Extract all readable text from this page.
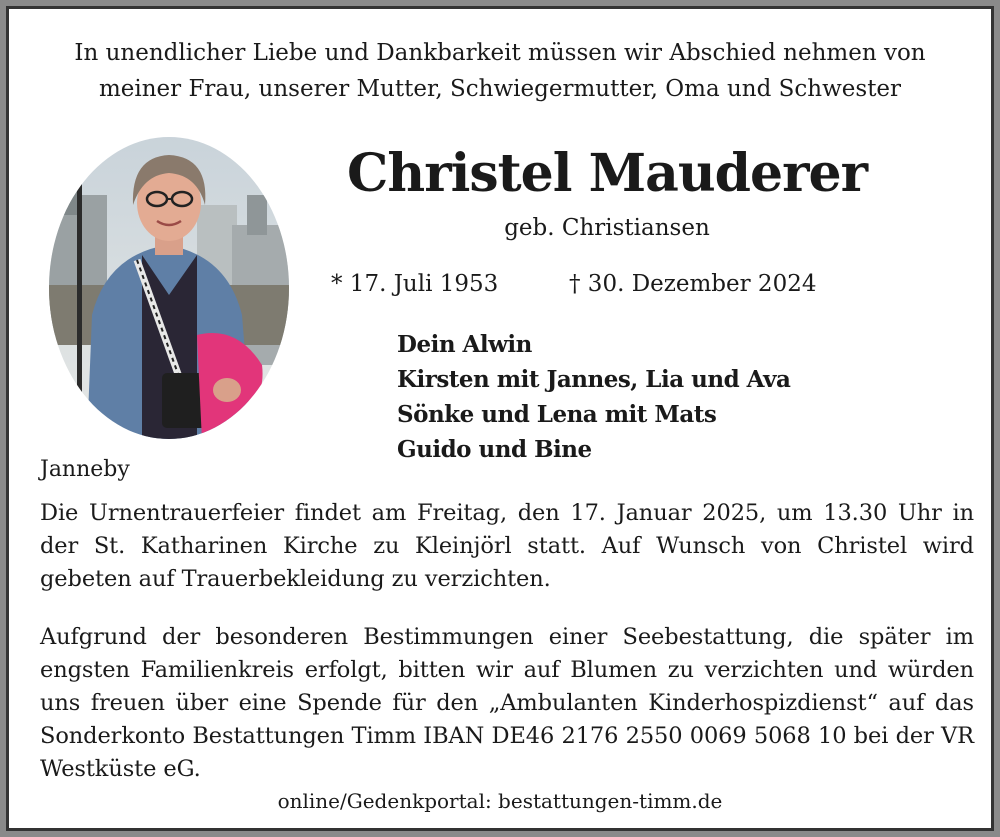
In unendlicher Liebe und Dankbarkeit müssen wir Abschied nehmen von
meiner Frau, unserer Mutter, Schwiegermutter, Oma und Schwester
Christel Mauderer
geb. Christiansen
* 17. Juli 1953	† 30. Dezember 2024
Dein Alwin
Kirsten mit Jannes, Lia und Ava
Sönke und Lena mit Mats
Guido und Bine
Janneby
Die Urnentrauerfeier findet am Freitag, den 17. Januar 2025, um 13.30 Uhr in der St. Katharinen Kirche zu Kleinjörl statt. Auf Wunsch von Christel wird gebeten auf Trauerbekleidung zu verzichten.
Aufgrund der besonderen Bestimmungen einer Seebestattung, die später im engsten Familienkreis erfolgt, bitten wir auf Blumen zu verzichten und würden uns freuen über eine Spende für den „Ambulanten Kinderhospizdienst“ auf das Sonderkonto Bestattungen Timm IBAN DE46 2176 2550 0069 5068 10 bei der VR Westküste eG.
online/Gedenkportal: bestattungen-timm.de
